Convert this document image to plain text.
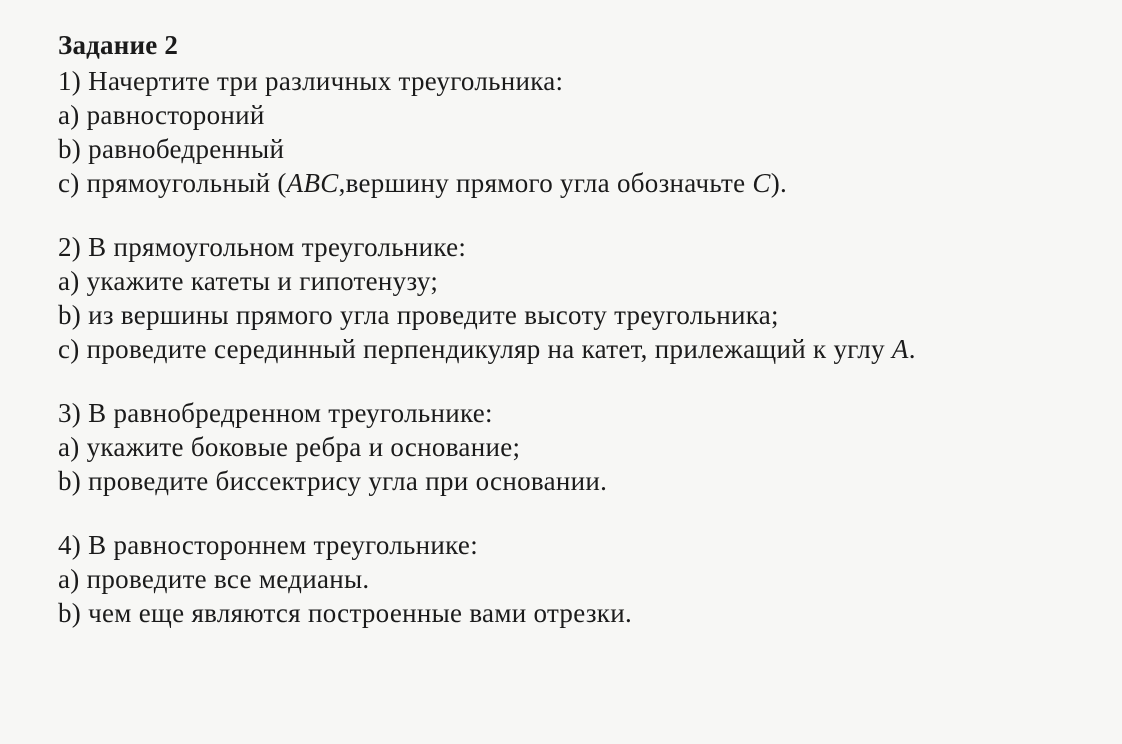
Задание 2
1) Начертите три различных треугольника:
a) равностороний
b) равнобедренный
c) прямоугольный (ABC,вершину прямого угла обозначьте C).
2) В прямоугольном треугольнике:
a) укажите катеты и гипотенузу;
b) из вершины прямого угла проведите высоту треугольника;
c) проведите серединный перпендикуляр на катет, прилежащий к углу A.
3) В равнобредренном треугольнике:
a) укажите боковые ребра и основание;
b) проведите биссектрису угла при основании.
4) В равностороннем треугольнике:
a) проведите все медианы.
b) чем еще являются построенные вами отрезки.
